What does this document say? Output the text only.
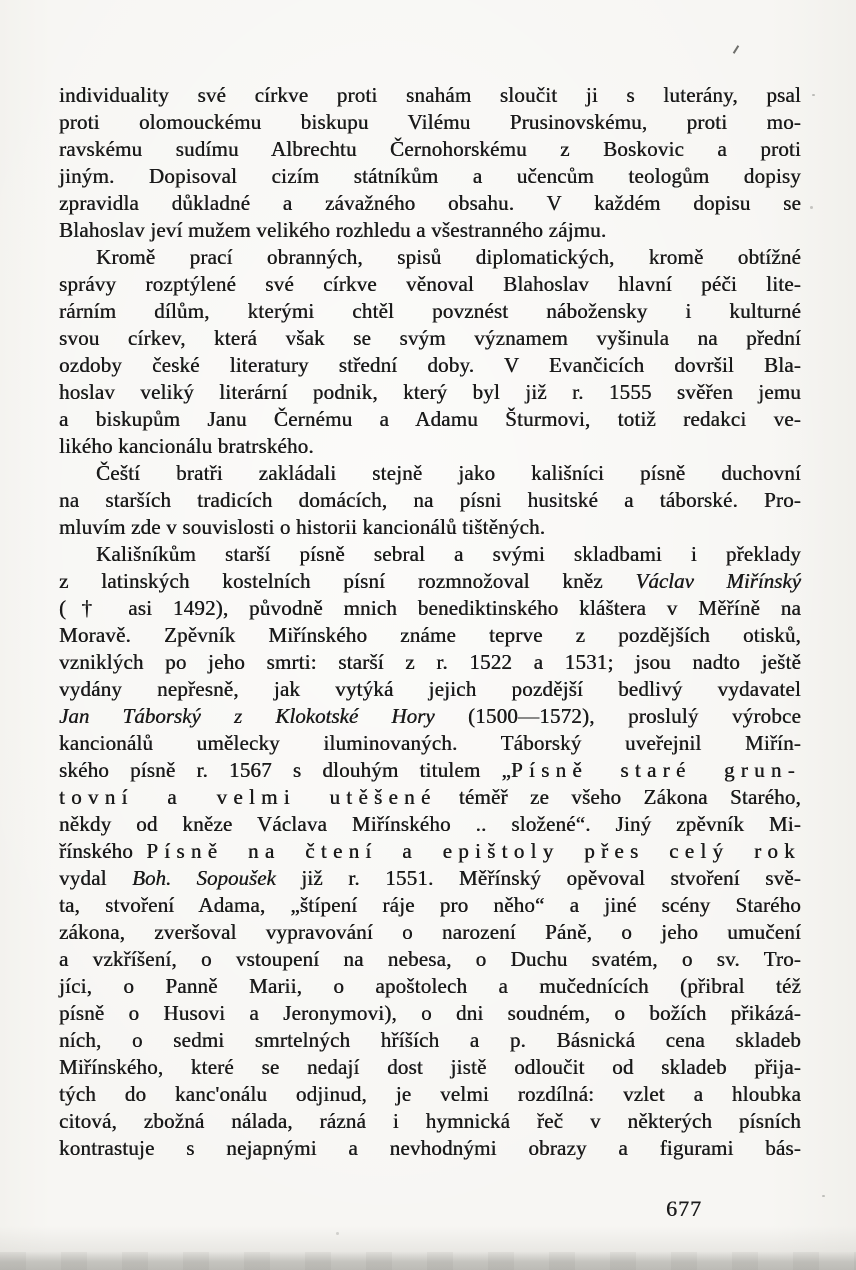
individuality své církve proti snahám sloučit ji s luterány, psal
proti olomouckému biskupu Vilému Prusinovskému, proti mo-
ravskému sudímu Albrechtu Černohorskému z Boskovic a proti
jiným. Dopisoval cizím státníkům a učencům teologům dopisy
zpravidla důkladné a závažného obsahu. V každém dopisu se
Blahoslav jeví mužem velikého rozhledu a všestranného zájmu.
Kromě prací obranných, spisů diplomatických, kromě obtížné
správy rozptýlené své církve věnoval Blahoslav hlavní péči lite-
rárním dílům, kterými chtěl povznést nábožensky i kulturné
svou církev, která však se svým významem vyšinula na přední
ozdoby české literatury střední doby. V Evančicích dovršil Bla-
hoslav veliký literární podnik, který byl již r. 1555 svěřen jemu
a biskupům Janu Černému a Adamu Šturmovi, totiž redakci ve-
likého kancionálu bratrského.
Čeští bratři zakládali stejně jako kališníci písně duchovní
na starších tradicích domácích, na písni husitské a táborské. Pro-
mluvím zde v souvislosti o historii kancionálů tištěných.
Kališníkům starší písně sebral a svými skladbami i překlady
z latinských kostelních písní rozmnožoval kněz Václav Miřínský
(† asi 1492), původně mnich benediktinského kláštera v Měříně na
Moravě. Zpěvník Miřínského známe teprve z pozdějších otisků,
vzniklých po jeho smrti: starší z r. 1522 a 1531; jsou nadto ještě
vydány nepřesně, jak vytýká jejich pozdější bedlivý vydavatel
Jan Táborský z Klokotské Hory (1500—1572), proslulý výrobce
kancionálů umělecky iluminovaných. Táborský uveřejnil Miřín-
ského písně r. 1567 s dlouhým titulem „Písně staré grun-
tovní a velmi utěšené téměř ze všeho Zákona Starého,
někdy od kněze Václava Miřínského .. složené“. Jiný zpěvník Mi-
řínského Písně na čtení a epištoly přes celý rok
vydal Boh. Sopoušek již r. 1551. Měřínský opěvoval stvoření svě-
ta, stvoření Adama, „štípení ráje pro něho“ a jiné scény Starého
zákona, zveršoval vypravování o narození Páně, o jeho umučení
a vzkříšení, o vstoupení na nebesa, o Duchu svatém, o sv. Tro-
jíci, o Panně Marii, o apoštolech a mučednících (přibral též
písně o Husovi a Jeronymovi), o dni soudném, o božích přikázá-
ních, o sedmi smrtelných hříších a p. Básnická cena skladeb
Miřínského, které se nedají dost jistě odloučit od skladeb přija-
tých do kanc'onálu odjinud, je velmi rozdílná: vzlet a hloubka
citová, zbožná nálada, rázná i hymnická řeč v některých písních
kontrastuje s nejapnými a nevhodnými obrazy a figurami bás-
677
